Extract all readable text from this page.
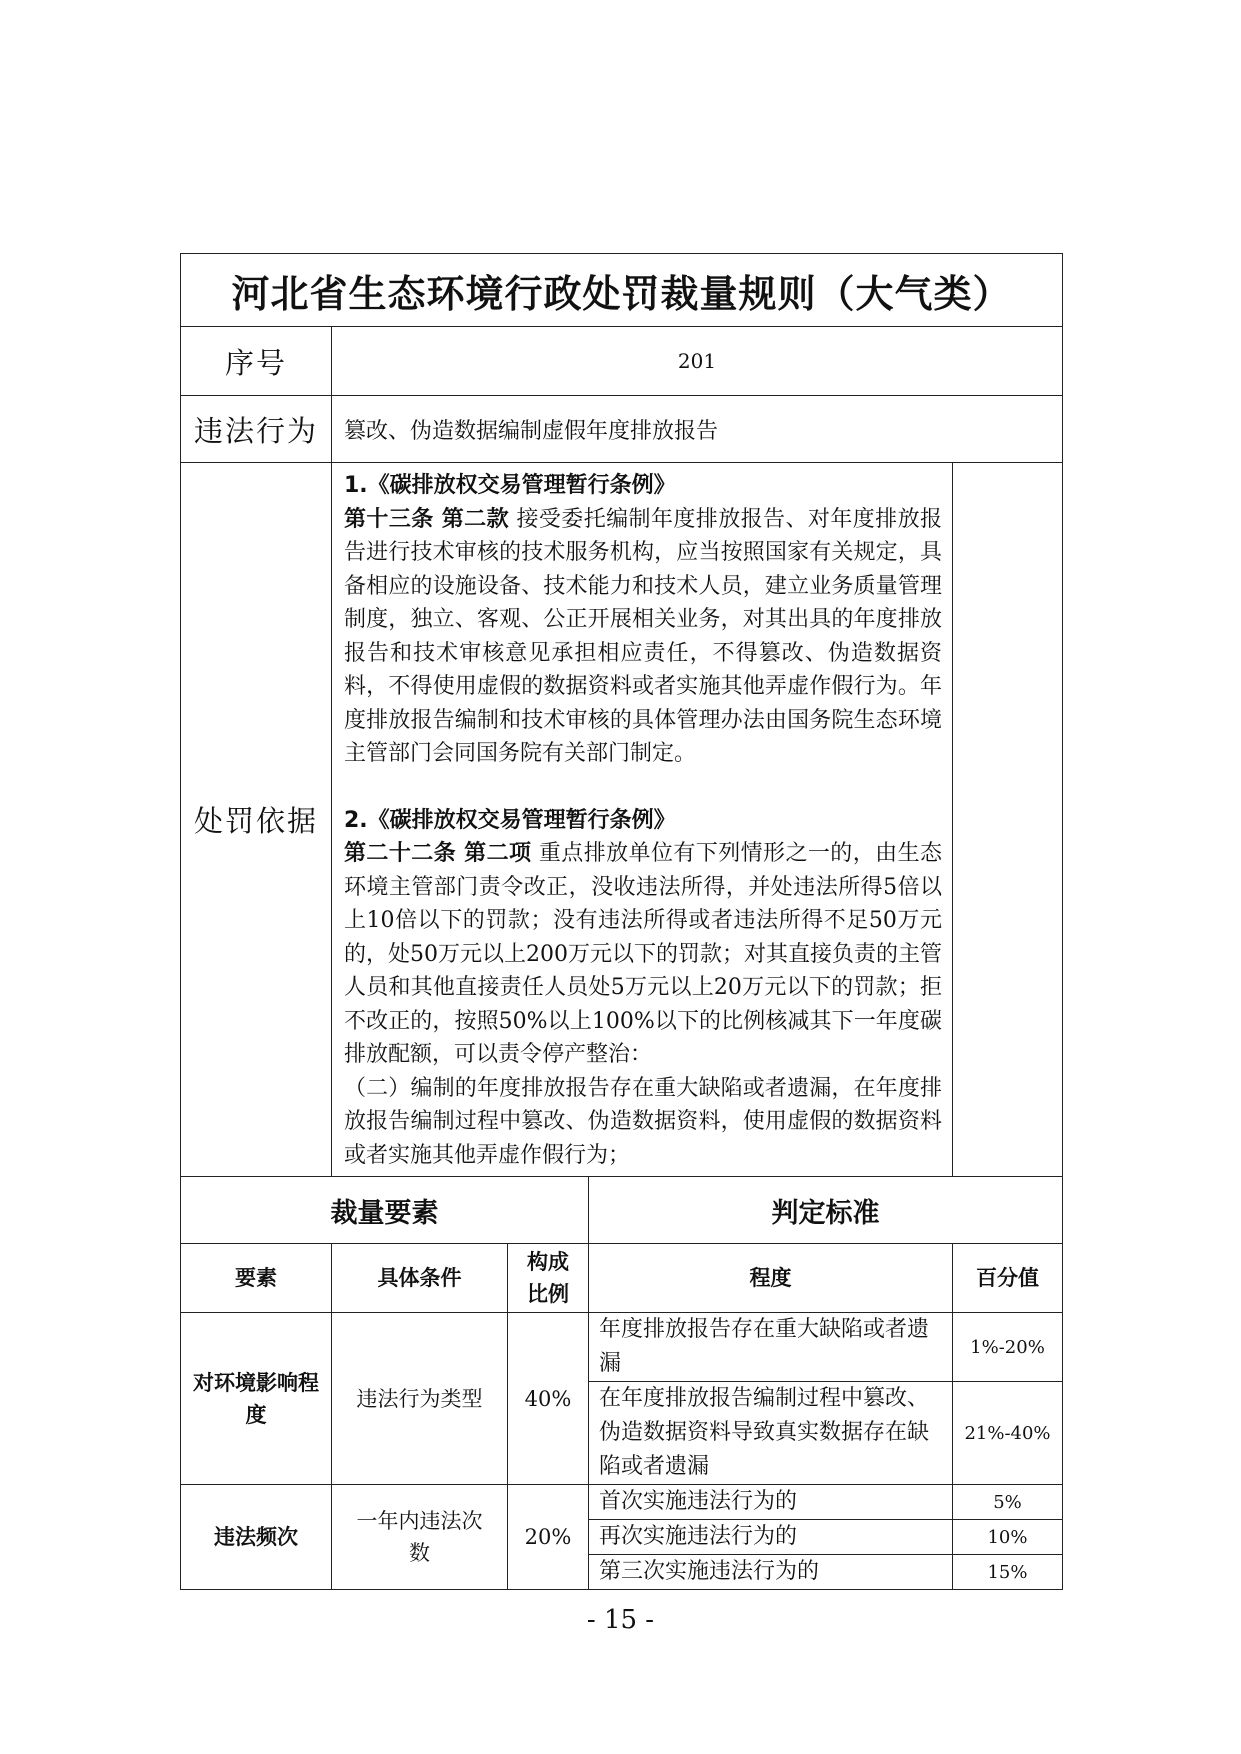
河北省生态环境行政处罚裁量规则（大气类）				
序号	201			
违法行为	篡改、伪造数据编制虚假年度排放报告			
处罚依据	1.《碳排放权交易管理暂行条例》

第十三条 第二款 接受委托编制年度排放报告、对年度排放报告进行技术审核的技术服务机构，应当按照国家有关规定，具备相应的设施设备、技术能力和技术人员，建立业务质量管理制度，独立、客观、公正开展相关业务，对其出具的年度排放报告和技术审核意见承担相应责任，不得篡改、伪造数据资料，不得使用虚假的数据资料或者实施其他弄虚作假行为。年度排放报告编制和技术审核的具体管理办法由国务院生态环境主管部门会同国务院有关部门制定。

2.《碳排放权交易管理暂行条例》

第二十二条 第二项 重点排放单位有下列情形之一的，由生态环境主管部门责令改正，没收违法所得，并处违法所得5倍以上10倍以下的罚款；没有违法所得或者违法所得不足50万元的，处50万元以上200万元以下的罚款；对其直接负责的主管人员和其他直接责任人员处5万元以上20万元以下的罚款；拒不改正的，按照50%以上100%以下的比例核减其下一年度碳排放配额，可以责令停产整治：

（二）编制的年度排放报告存在重大缺陷或者遗漏，在年度排放报告编制过程中篡改、伪造数据资料，使用虚假的数据资料或者实施其他弄虚作假行为；			

裁量要素			判定标准	
要素	具体条件	构成比例	程度	百分值
对环境影响程度	违法行为类型	40%	年度排放报告存在重大缺陷或者遗漏	1%-20%
			在年度排放报告编制过程中篡改、伪造数据资料导致真实数据存在缺陷或者遗漏	21%-40%
违法频次	一年内违法次数	20%	首次实施违法行为的	5%
			再次实施违法行为的	10%
			第三次实施违法行为的	15%
- 15 -
